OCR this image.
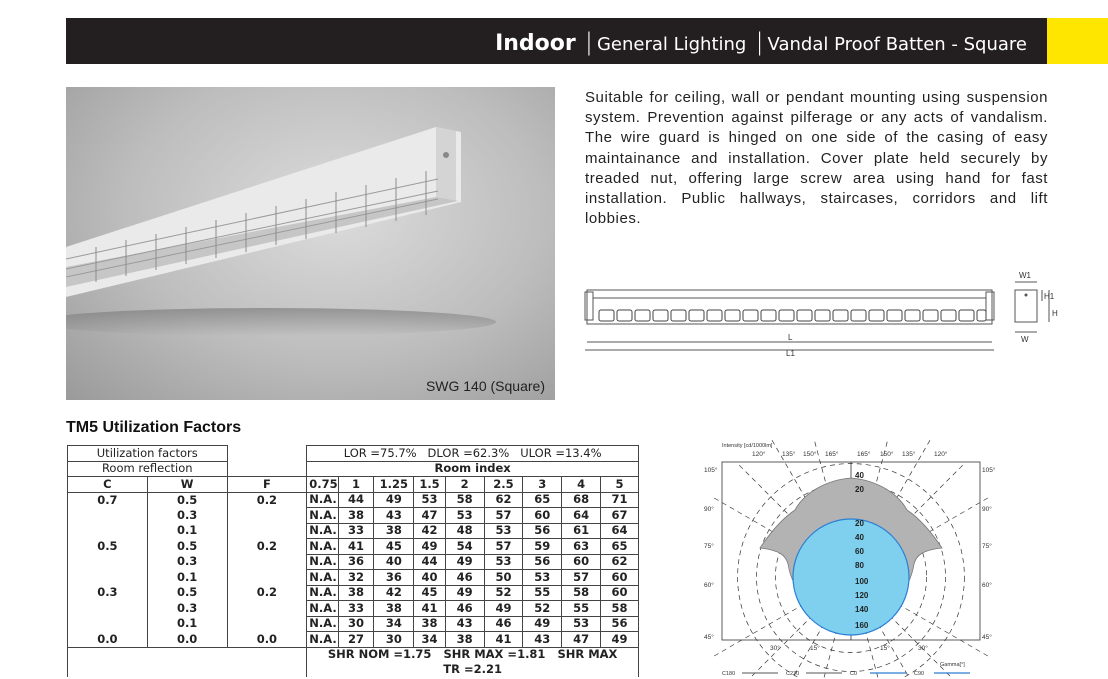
Indoor | General Lighting | Vandal Proof Batten - Square
SWG 140 (Square)
Suitable for ceiling, wall or pendant mounting using suspension system. Prevention against pilferage or any acts of vandalism. The wire guard is hinged on one side of the casing of easy maintainance and installation. Cover plate held securely by treaded nut, offering large screw area using hand for fast installation. Public hallways, staircases, corridors and lift lobbies.
L
L1
W1
W
H1
H
TM5 Utilization Factors
Utilization factors			LOR =75.7%   DLOR =62.3%   ULOR =13.4%								
Room reflection			Room index								
C	W	F	0.75	1	1.25	1.5	2	2.5	3	4	5
0.7	0.5	0.2	N.A.	44	49	53	58	62	65	68	71
	0.3		N.A.	38	43	47	53	57	60	64	67
	0.1		N.A.	33	38	42	48	53	56	61	64
0.5	0.5	0.2	N.A.	41	45	49	54	57	59	63	65
	0.3		N.A.	36	40	44	49	53	56	60	62
	0.1		N.A.	32	36	40	46	50	53	57	60
0.3	0.5	0.2	N.A.	38	42	45	49	52	55	58	60
	0.3		N.A.	33	38	41	46	49	52	55	58
	0.1		N.A.	30	34	38	43	46	49	53	56
0.0	0.0	0.0	N.A.	27	30	34	38	41	43	47	49
			SHR NOM =1.75   SHR MAX =1.81   SHR MAX								
			TR =2.21								
Intensity [cd/1000lm]
40
20
20
40
60
80
100
120
140
160
120°	135° 150° 165°	165° 150° 135°	120°
105°	105°
90°	90°
75°	75°
60°	60°
45°	45°
30°	15°	15°	30°
Gamma[°]
C180	C270	C0	C90
